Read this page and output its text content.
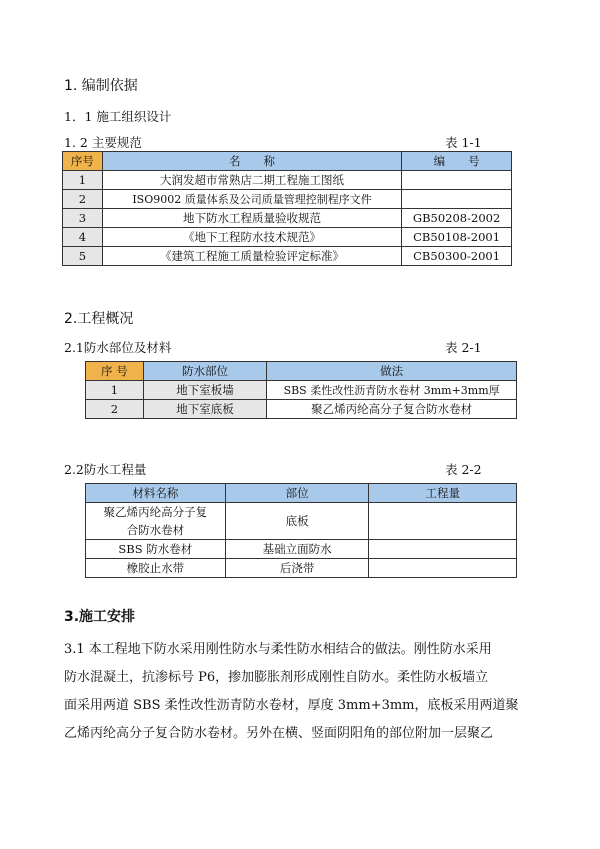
1. 编制依据
1．1 施工组织设计
1. 2 主要规范	表 1-1
序号	名　　称	编　　号
1	大润发超市常熟店二期工程施工图纸	
2	ISO9002 质量体系及公司质量管理控制程序文件	
3	地下防水工程质量验收规范	GB50208-2002
4	《地下工程防水技术规范》	CB50108-2001
5	《建筑工程施工质量检验评定标准》	CB50300-2001
2.工程概况
2.1防水部位及材料	表 2-1
序 号	防水部位	做法
1	地下室板墙	SBS 柔性改性沥青防水卷材 3mm+3mm厚
2	地下室底板	聚乙烯丙纶高分子复合防水卷材
2.2防水工程量	表 2-2
材料名称	部位	工程量
聚乙烯丙纶高分子复
合防水卷材	底板	
SBS 防水卷材	基础立面防水	
橡胶止水带	后浇带	
3.施工安排

3.1 本工程地下防水采用刚性防水与柔性防水相结合的做法。刚性防水采用

防水混凝土，抗渗标号 P6，掺加膨胀剂形成刚性自防水。柔性防水板墙立

面采用两道 SBS 柔性改性沥青防水卷材，厚度 3mm+3mm，底板采用两道聚

乙烯丙纶高分子复合防水卷材。另外在横、竖面阴阳角的部位附加一层聚乙
